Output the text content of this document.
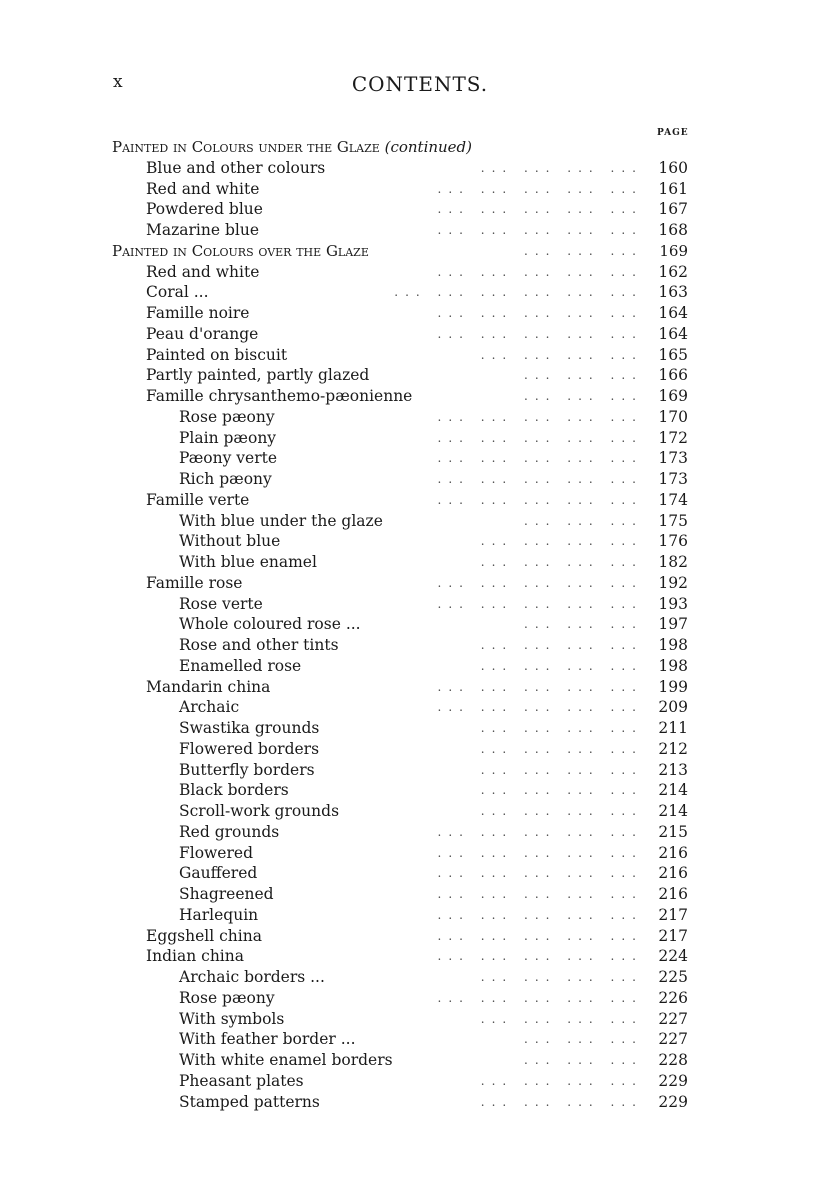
x	CONTENTS.
PAGE
Painted in Colours under the Glaze (continued)
Blue and other colours	... ... ... ... 160
Red and white	... ... ... ... ... 161
Powdered blue	... ... ... ... ... 167
Mazarine blue	... ... ... ... ... 168
Painted in Colours over the Glaze	... ... ...	169
Red and white	... ... ... ... ... 162
Coral ...	... ... ... ... ... ... 163
Famille noire	... ... ... ... ... 164
Peau d'orange	... ... ... ... ... 164
Painted on biscuit	... ... ... ... 165
Partly painted, partly glazed	... ... ... 166
Famille chrysanthemo-pæonienne	... ... ... 169
Rose pæony	... ... ... ... ... 170
Plain pæony	... ... ... ... ... 172
Pæony verte	... ... ... ... ... 173
Rich pæony	... ... ... ... ... 173
Famille verte	... ... ... ... ... 174
With blue under the glaze	... ... ... 175
Without blue	... ... ... ... 176
With blue enamel	... ... ... ... 182
Famille rose	... ... ... ... ... 192
Rose verte	... ... ... ... ... 193
Whole coloured rose ...	... ... ... 197
Rose and other tints	... ... ... ... 198
Enamelled rose	... ... ... ... 198
Mandarin china	... ... ... ... ... 199
Archaic	... ... ... ... ... 209
Swastika grounds	... ... ... ... 211
Flowered borders	... ... ... ... 212
Butterfly borders	... ... ... ... 213
Black borders	... ... ... ... 214
Scroll-work grounds	... ... ... ... 214
Red grounds	... ... ... ... ... 215
Flowered	... ... ... ... ... 216
Gauffered	... ... ... ... ... 216
Shagreened	... ... ... ... ... 216
Harlequin	... ... ... ... ... 217
Eggshell china	... ... ... ... ... 217
Indian china	... ... ... ... ... 224
Archaic borders ...	... ... ... ... 225
Rose pæony	... ... ... ... ... 226
With symbols	... ... ... ... 227
With feather border ...	... ... ... 227
With white enamel borders	... ... ... 228
Pheasant plates	... ... ... ... 229
Stamped patterns	... ... ... ... 229
